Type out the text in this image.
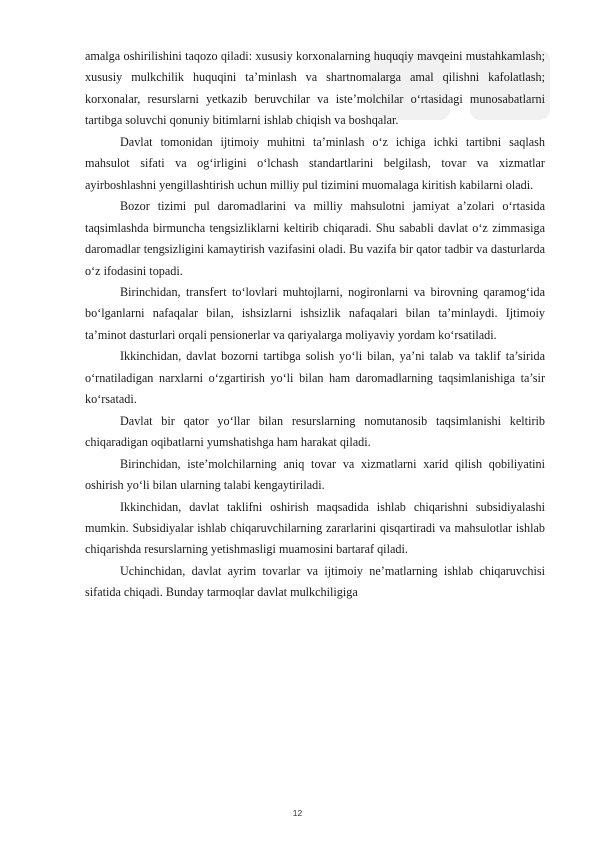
amalga oshirilishini taqozo qiladi: xususiy korxonalarning huquqiy mavqeini mustahkamlash; xususiy mulkchilik huquqini ta’minlash va shartnomalarga amal qilishni kafolatlash; korxonalar, resurslarni yetkazib beruvchilar va iste’molchilar o‘rtasidagi munosabatlarni tartibga soluvchi qonuniy bitimlarni ishlab chiqish va boshqalar.

Davlat tomonidan ijtimoiy muhitni ta’minlash o‘z ichiga ichki tartibni saqlash mahsulot sifati va og‘irligini o‘lchash standartlarini belgilash, tovar va xizmatlar ayirboshlashni yengillashtirish uchun milliy pul tizimini muomalaga kiritish kabilarni oladi.

Bozor tizimi pul daromadlarini va milliy mahsulotni jamiyat a’zolari o‘rtasida taqsimlashda birmuncha tengsizliklarni keltirib chiqaradi. Shu sababli davlat o‘z zimmasiga daromadlar tengsizligini kamaytirish vazifasini oladi. Bu vazifa bir qator tadbir va dasturlarda o‘z ifodasini topadi.

Birinchidan, transfert to‘lovlari muhtojlarni, nogironlarni va birovning qaramog‘ida bo‘lganlarni nafaqalar bilan, ishsizlarni ishsizlik nafaqalari bilan ta’minlaydi. Ijtimoiy ta’minot dasturlari orqali pensionerlar va qariyalarga moliyaviy yordam ko‘rsatiladi.

Ikkinchidan, davlat bozorni tartibga solish yo‘li bilan, ya’ni talab va taklif ta’sirida o‘rnatiladigan narxlarni o‘zgartirish yo‘li bilan ham daromadlarning taqsimlanishiga ta’sir ko‘rsatadi.

Davlat bir qator yo‘llar bilan resurslarning nomutanosib taqsimlanishi keltirib chiqaradigan oqibatlarni yumshatishga ham harakat qiladi.

Birinchidan, iste’molchilarning aniq tovar va xizmatlarni xarid qilish qobiliyatini oshirish yo‘li bilan ularning talabi kengaytiriladi.

Ikkinchidan, davlat taklifni oshirish maqsadida ishlab chiqarishni subsidiyalashi mumkin. Subsidiyalar ishlab chiqaruvchilarning zararlarini qisqartiradi va mahsulotlar ishlab chiqarishda resurslarning yetishmasligi muamosini bartaraf qiladi.

Uchinchidan, davlat ayrim tovarlar va ijtimoiy ne’matlarning ishlab chiqaruvchisi sifatida chiqadi. Bunday tarmoqlar davlat mulkchiligiga

12
